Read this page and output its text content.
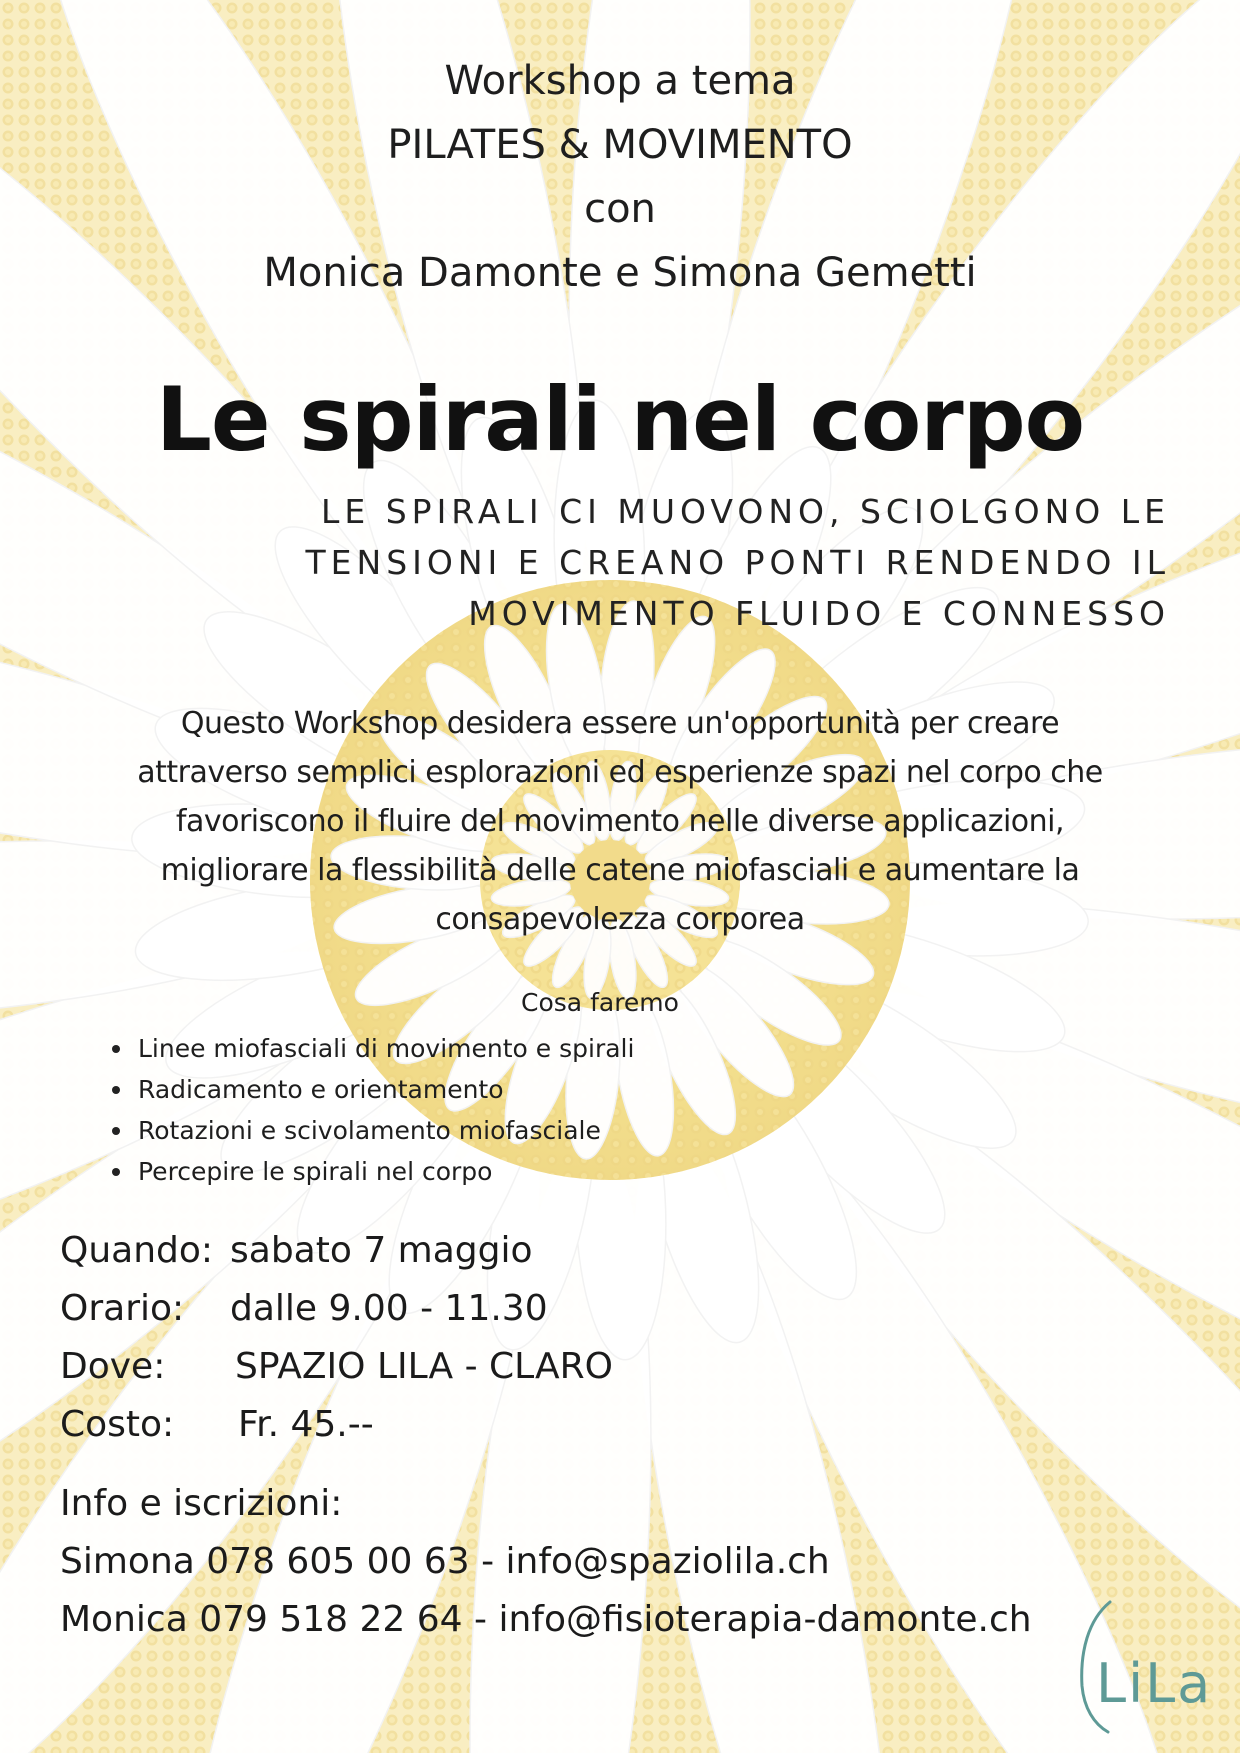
Workshop a tema
PILATES & MOVIMENTO
con
Monica Damonte e Simona Gemetti
Le spirali nel corpo
LE SPIRALI CI MUOVONO, SCIOLGONO LE
TENSIONI E CREANO PONTI RENDENDO IL
MOVIMENTO FLUIDO E CONNESSO
Questo Workshop desidera essere un'opportunità per creare
attraverso semplici esplorazioni ed esperienze spazi nel corpo che
favoriscono il fluire del movimento nelle diverse applicazioni,
migliorare la flessibilità delle catene miofasciali e aumentare la
consapevolezza corporea
Cosa faremo
Linee miofasciali di movimento e spirali
Radicamento e orientamento
Rotazioni e scivolamento miofasciale
Percepire le spirali nel corpo
Quando: sabato 7 maggio
Orario: dalle 9.00 - 11.30
Dove: SPAZIO LILA - CLARO
Costo: Fr. 45.--
Info e iscrizioni:
Simona 078 605 00 63 - info@spaziolila.ch
Monica 079 518 22 64 - info@fisioterapia-damonte.ch
LiLa
